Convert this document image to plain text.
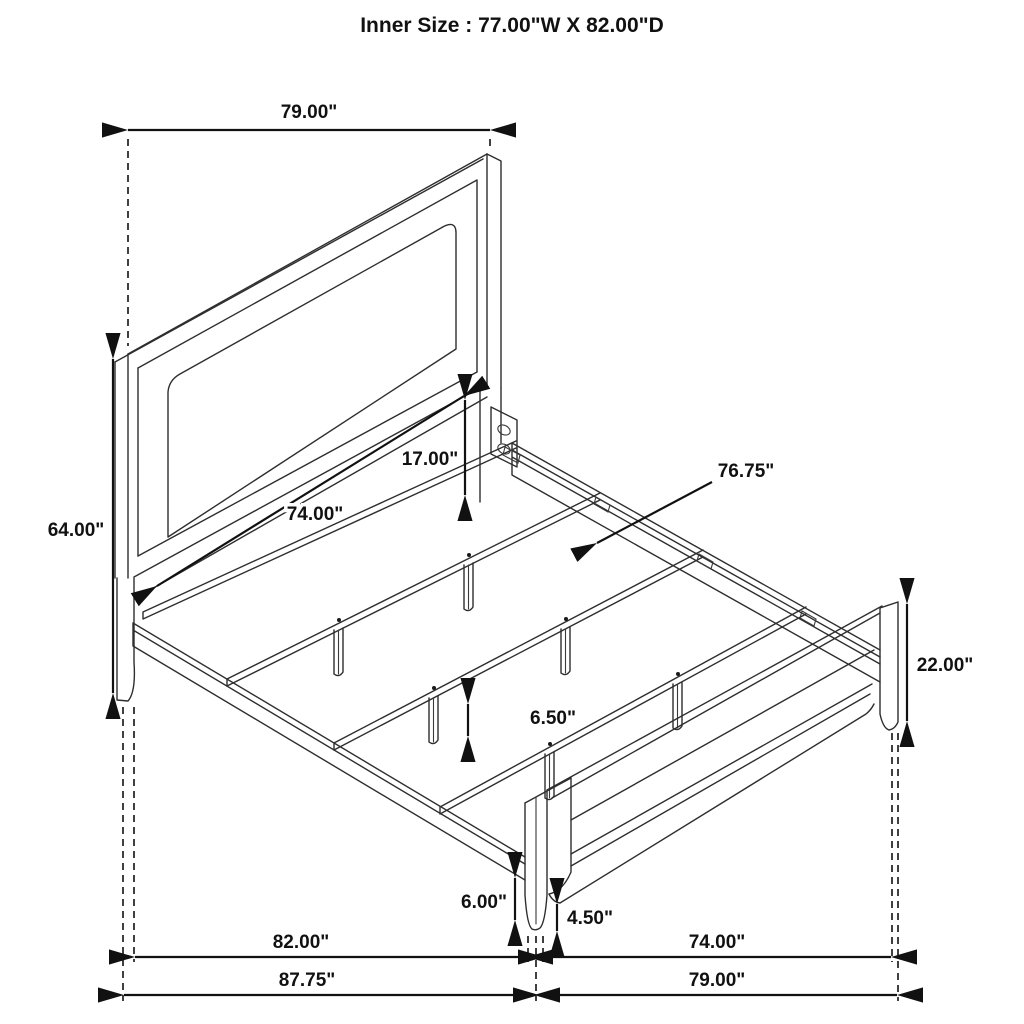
Inner Size : 77.00"W X 82.00"D
79.00"
64.00"
17.00"
74.00"
76.75"
22.00"
6.50"
6.00"
4.50"
82.00"	74.00"
87.75"	79.00"
